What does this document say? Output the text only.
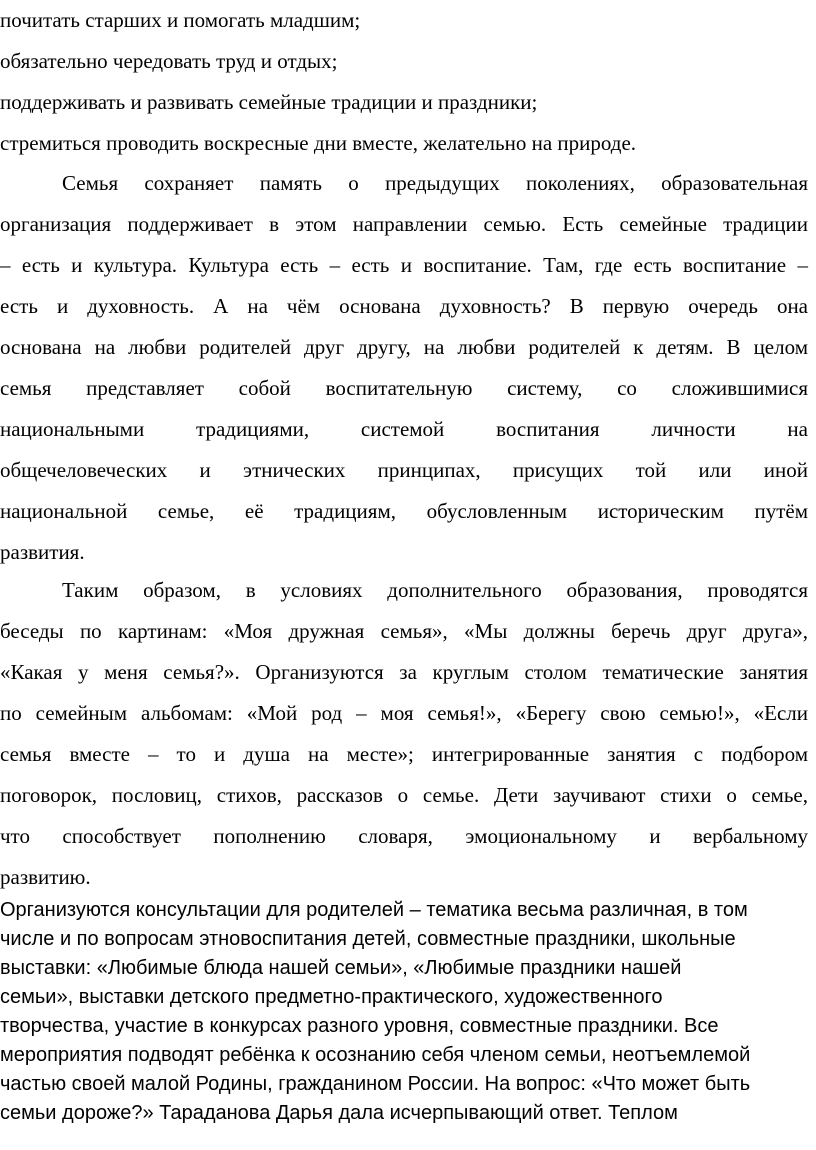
почитать старших и помогать младшим;
обязательно чередовать труд и отдых;
поддерживать и развивать семейные традиции и праздники;
стремиться проводить воскресные дни вместе, желательно на природе.
Семья сохраняет память о предыдущих поколениях, образовательная
организация поддерживает в этом направлении семью. Есть семейные традиции
– есть и культура. Культура есть – есть и воспитание. Там, где есть воспитание –
есть и духовность. А на чём основана духовность? В первую очередь она
основана на любви родителей друг другу, на любви родителей к детям. В целом
семья представляет собой воспитательную систему, со сложившимися
национальными традициями, системой воспитания личности на
общечеловеческих и этнических принципах, присущих той или иной
национальной семье, её традициям, обусловленным историческим путём
развития.
Таким образом, в условиях дополнительного образования, проводятся
беседы по картинам: «Моя дружная семья», «Мы должны беречь друг друга»,
«Какая у меня семья?». Организуются за круглым столом тематические занятия
по семейным альбомам: «Мой род – моя семья!», «Берегу свою семью!», «Если
семья вместе – то и душа на месте»; интегрированные занятия с подбором
поговорок, пословиц, стихов, рассказов о семье. Дети заучивают стихи о семье,
что способствует пополнению словаря, эмоциональному и вербальному
развитию.
Организуются консультации для родителей – тематика весьма различная, в том
числе и по вопросам этновоспитания детей, совместные праздники, школьные
выставки: «Любимые блюда нашей семьи», «Любимые праздники нашей
семьи», выставки детского предметно-практического, художественного
творчества, участие в конкурсах разного уровня, совместные праздники. Все
мероприятия подводят ребёнка к осознанию себя членом семьи, неотъемлемой
частью своей малой Родины, гражданином России. На вопрос: «Что может быть
семьи дороже?» Тараданова Дарья дала исчерпывающий ответ. Теплом
